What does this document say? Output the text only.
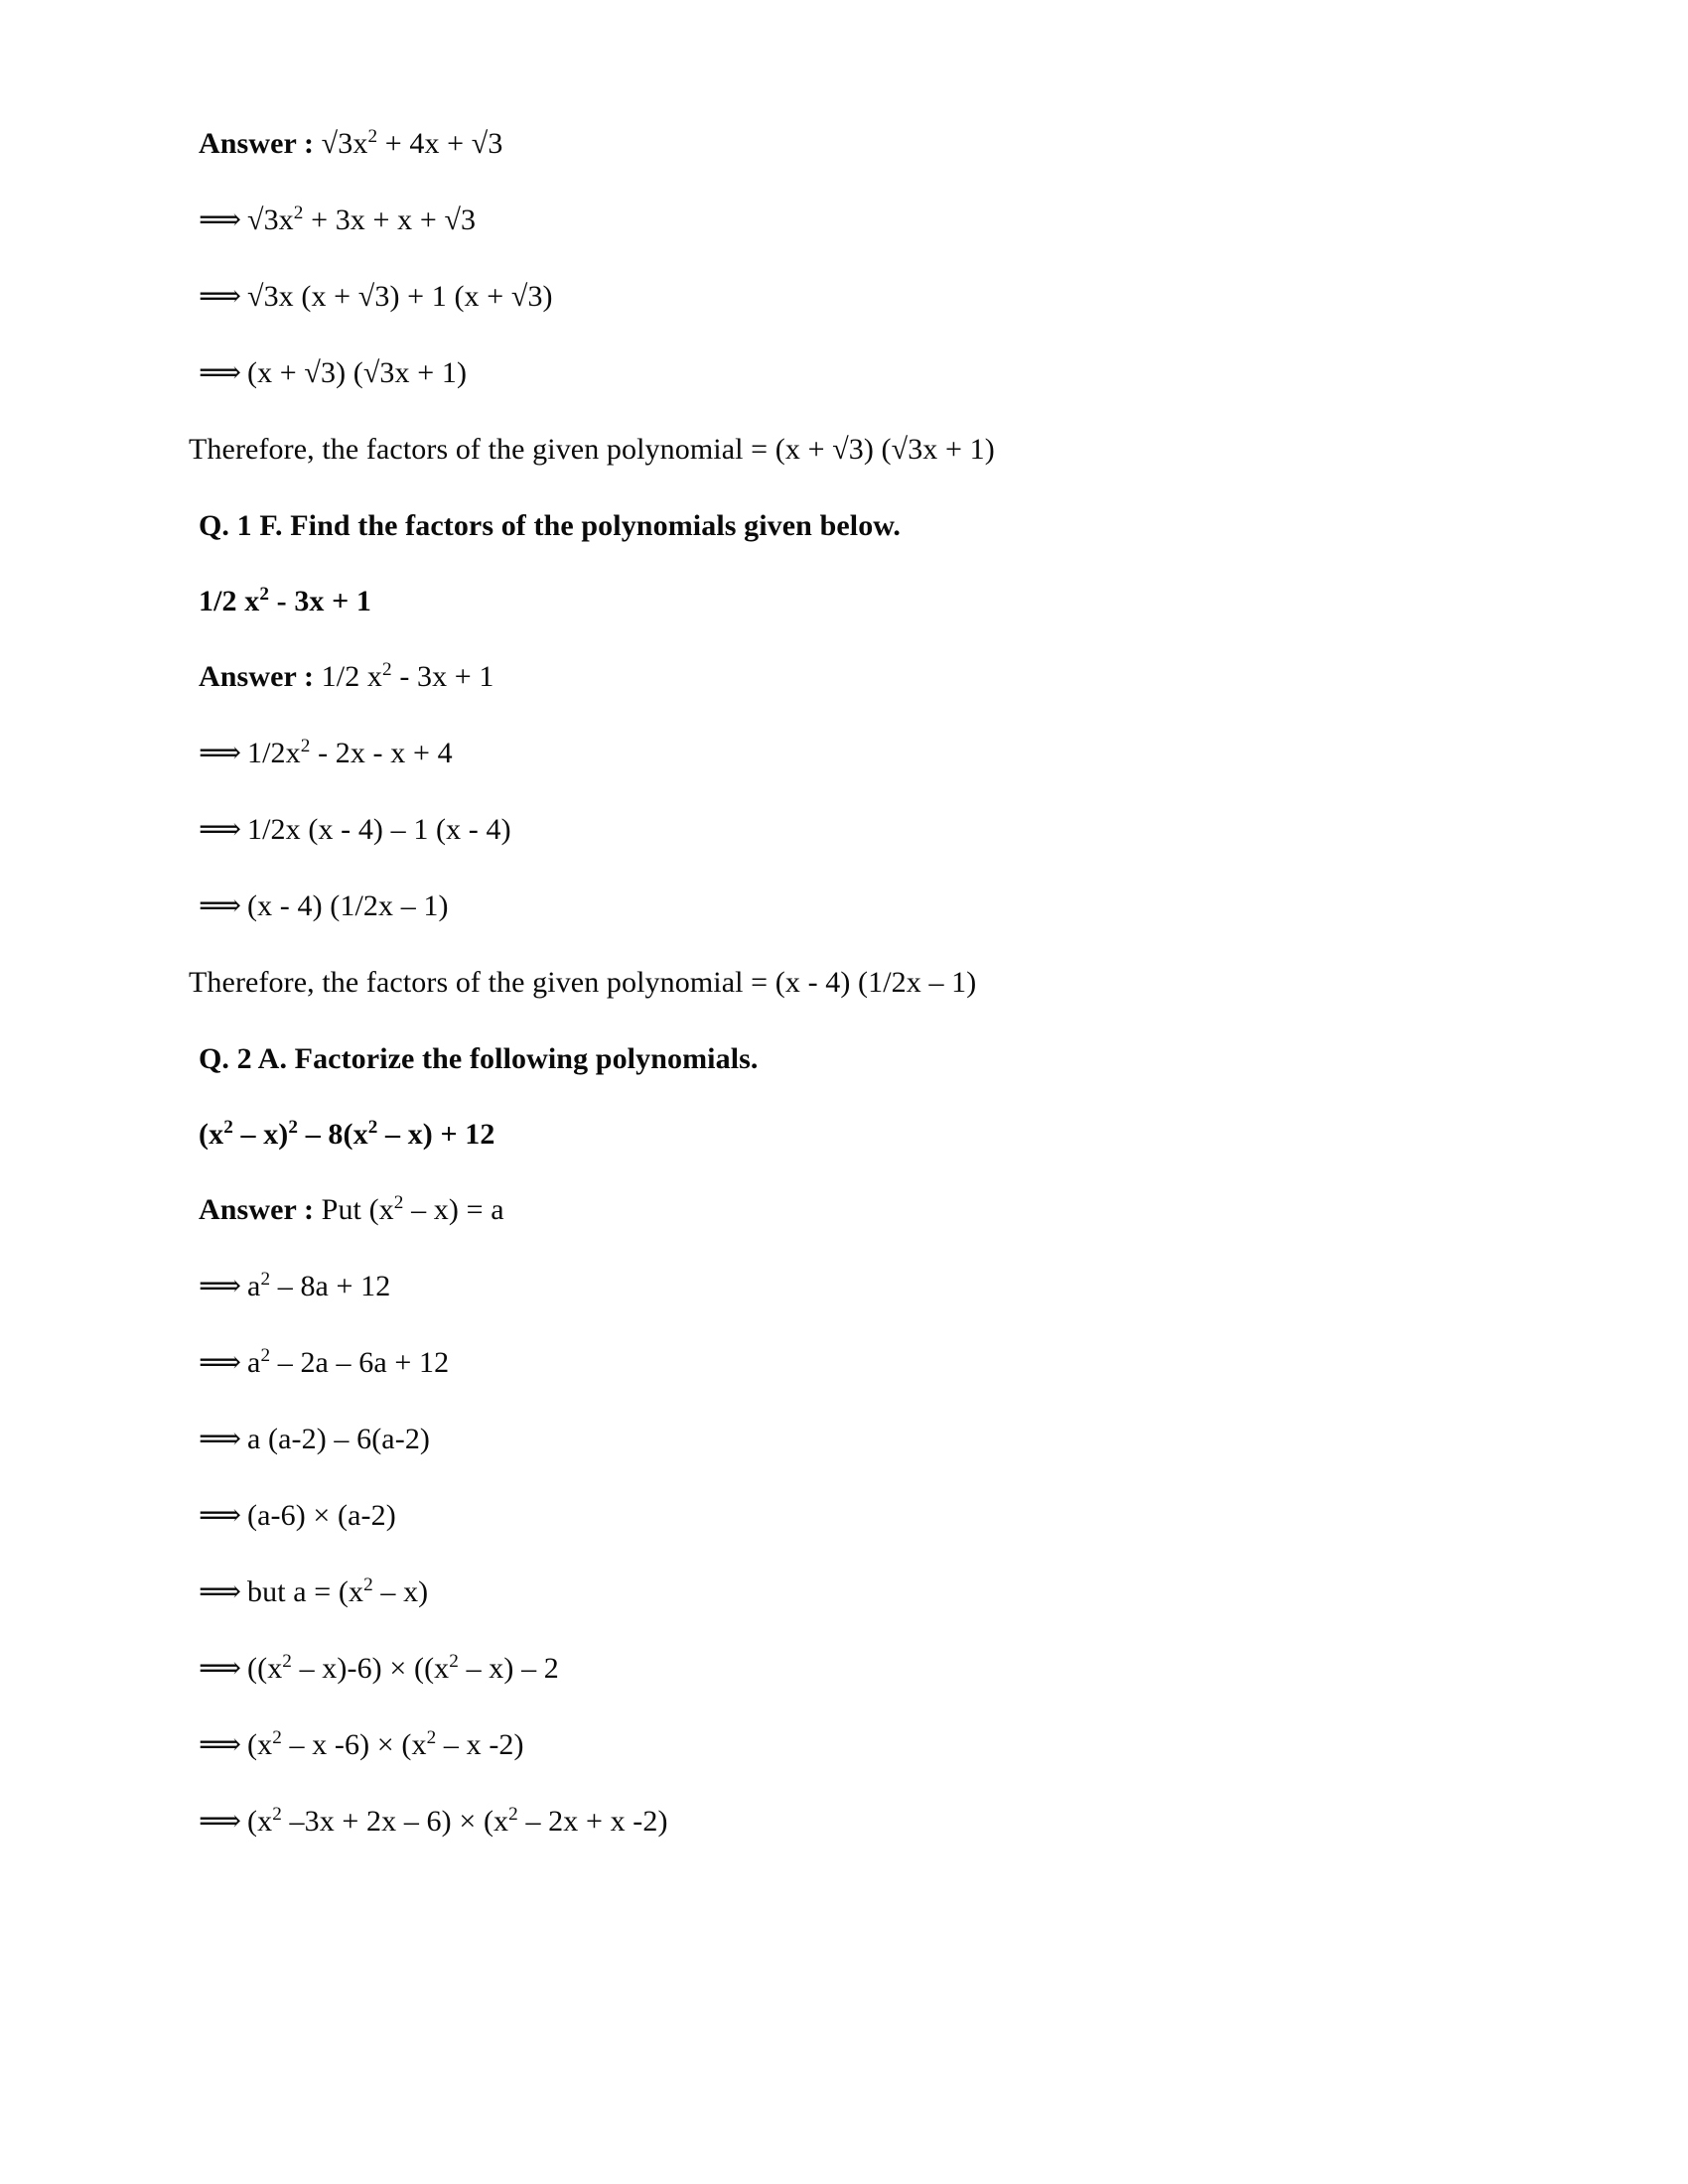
Answer : $√3x^2 + 4x + √3$
⟹ $√3x^2 + 3x + x + √3$
⟹ √3x (x + √3) + 1 (x + √3)
⟹ (x + √3) (√3x + 1)
Therefore, the factors of the given polynomial = (x + √3) (√3x + 1)
Q. 1 F. Find the factors of the polynomials given below.
1/2 $x^2 - 3x + 1$
Answer : 1/2 $x^2 - 3x + 1$
⟹ $1/2x^2 - 2x - x + 4$
⟹ 1/2x (x - 4) – 1 (x - 4)
⟹ (x - 4) (1/2x – 1)
Therefore, the factors of the given polynomial = (x - 4) (1/2x – 1)
Q. 2 A. Factorize the following polynomials.
$(x^2 - x)^2 - 8(x^2 - x) + 12$
Answer : Put $(x^2 - x) = a$
⟹ $a^2 - 8a + 12$
⟹ $a^2 - 2a - 6a + 12$
⟹ a (a-2) – 6(a-2)
⟹ (a-6) × (a-2)
⟹ but $a = (x^2 - x)$
⟹ $((x^2 - x)-6) \times ((x^2 - x) - 2$
⟹ ($x^2$ – x $-6) \times (x^2 - x$ -2)
⟹ ($x^2$ $-3x + 2x - 6) \times (x^2 - 2x + x$ -2)
